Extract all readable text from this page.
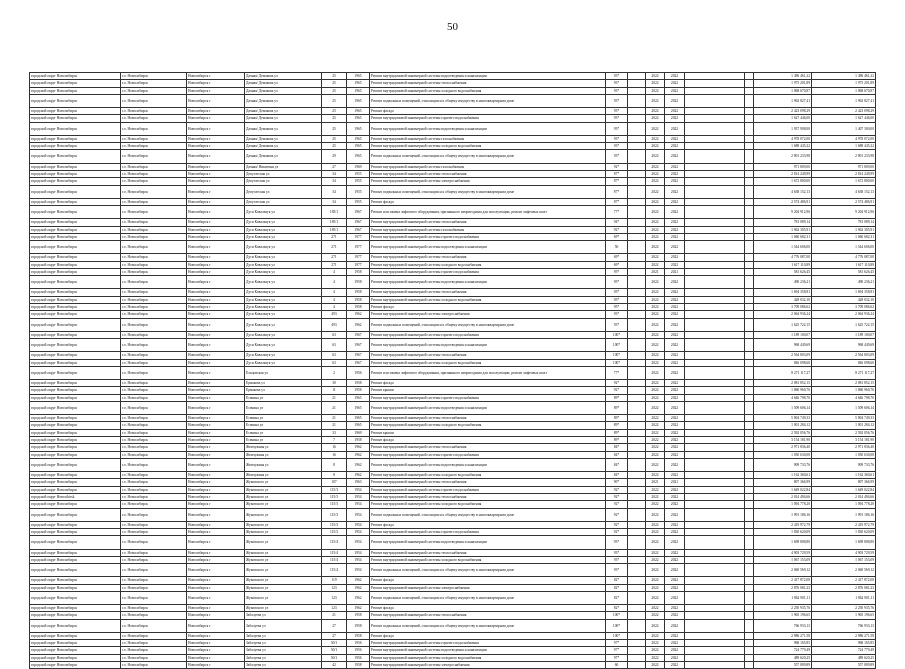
50
городской округ Новосибирск	г.о. Новосибирск	Новосибирск г	Дачная/ Демакова ул	25	1965	Ремонт внутридомовой инженерной системы водоотведения и канализации	93*		2022	2022			1 496 461,22	1 496 461,22
городской округ Новосибирск	г.о. Новосибирск	Новосибирск г	Дачная/ Демакова ул	25	1965	Ремонт внутридомовой инженерной системы теплоснабжения	93*		2022	2022			1 975 201,89	1 975 201,89
городской округ Новосибирск	г.о. Новосибирск	Новосибирск г	Дачная/ Демакова ул	25	1965	Ремонт внутридомовой инженерной системы холодного водоснабжения	93*		2022	2022			1 068 670,87	1 068 670,87
городской округ Новосибирск	г.о. Новосибирск	Новосибирск г	Дачная/ Демакова ул	25	1965	Ремонт подвальных помещений, относящихся к общему имуществу в многоквартирном доме	93*		2022	2022			1 963 827,41	1 963 827,41
городской округ Новосибирск	г.о. Новосибирск	Новосибирск г	Дачная/ Демакова ул	25	1965	Ремонт фасада	93*		2022	2022			2 423 098,29	2 423 098,29
городской округ Новосибирск	г.о. Новосибирск	Новосибирск г	Дачная/ Демакова ул	25	1965	Ремонт внутридомовой инженерной системы горячего водоснабжения	93*		2022	2022			1 627 446,00	1 627 446,00
городской округ Новосибирск	г.о. Новосибирск	Новосибирск г	Дачная/ Демакова ул	25	1965	Ремонт внутридомовой инженерной системы водоотведения и канализации	93*		2022	2022			1 937 908,00	1 407 300,00
городской округ Новосибирск	г.о. Новосибирск	Новосибирск г	Дачная/ Демакова ул	25	1965	Ремонт внутридомовой инженерной системы газоснабжения	93*		2022	2022			4 978 072,00	4 978 072,00
городской округ Новосибирск	г.о. Новосибирск	Новосибирск г	Дачная/ Демакова ул	25	1965	Ремонт внутридомовой инженерной системы холодного водоснабжения	93*		2022	2022			1 688 445,22	1 688 445,22
городской округ Новосибирск	г.о. Новосибирск	Новосибирск г	Дачная/ Демакова ул	29	1965	Ремонт подвальных помещений, относящихся к общему имуществу в многоквартирном доме	93*		2022	2022			2 801 233,98	2 801 233,98
городской округ Новосибирск	г.о. Новосибирск	Новосибирск г	Дачная/ Никитина ул	27	1969	Ремонт внутридомовой инженерной системы газоснабжения	92*		2022	2022			971 809,00	971 809,00
городской округ Новосибирск	г.о. Новосибирск	Новосибирск г	Депутатская ул	34	1955	Ремонт внутридомовой инженерной системы теплоснабжения	87*		2022	2022			2 814 249,99	2 814 249,99
городской округ Новосибирск	г.о. Новосибирск	Новосибирск г	Депутатская ул	34	1955	Ремонт внутридомовой инженерной системы электроснабжения	87*		2022	2022			1 672 800,00	1 672 800,00
городской округ Новосибирск	г.о. Новосибирск	Новосибирск г	Депутатская ул	34	1955	Ремонт подвальных помещений, относящихся к общему имуществу в многоквартирном доме	87*		2022	2022			4 638 152,13	4 638 152,13
городской округ Новосибирск	г.о. Новосибирск	Новосибирск г	Депутатская ул	34	1955	Ремонт фасада	87*		2022	2022			2 574 486,91	2 574 486,91
городской округ Новосибирск	г.о. Новосибирск	Новосибирск г	Дуси Ковальчук ул	185/1	1967	Ремонт или замена лифтового оборудования, признанного непригодным для эксплуатации, ремонт лифтовых шахт	77*		2022	2022			9 204 912,96	9 204 912,96
городской округ Новосибирск	г.о. Новосибирск	Новосибирск г	Дуси Ковальчук ул	185/1	1967	Ремонт внутридомовой инженерной системы теплоснабжения	94*		2022	2022			781 089,14	781 089,14
городской округ Новосибирск	г.о. Новосибирск	Новосибирск г	Дуси Ковальчук ул	185/1	1967	Ремонт внутридомовой инженерной системы газоснабжения	92*		2022	2022			1 062 305,91	1 062 305,91
городской округ Новосибирск	г.о. Новосибирск	Новосибирск г	Дуси Ковальчук ул	271	1977	Ремонт внутридомовой инженерной системы горячего водоснабжения	69*		2022	2022			1 060 682,31	1 060 682,31
городской округ Новосибирск	г.о. Новосибирск	Новосибирск г	Дуси Ковальчук ул	271	1977	Ремонт внутридомовой инженерной системы водоотведения и канализации	50		2022	2022			1 544 606,00	1 544 606,00
городской округ Новосибирск	г.о. Новосибирск	Новосибирск г	Дуси Ковальчук ул	271	1977	Ремонт внутридомовой инженерной системы теплоснабжения	69*		2022	2022			4 776 087,00	4 776 087,00
городской округ Новосибирск	г.о. Новосибирск	Новосибирск г	Дуси Ковальчук ул	271	1977	Ремонт внутридомовой инженерной системы холодного водоснабжения	69*		2022	2022			1 617 110,89	1 617 110,89
городской округ Новосибирск	г.о. Новосибирск	Новосибирск г	Дуси Ковальчук ул	4	1958	Ремонт внутридомовой инженерной системы горячего водоснабжения	95*		2021	2021			581 626,45	581 626,45
городской округ Новосибирск	г.о. Новосибирск	Новосибирск г	Дуси Ковальчук ул	4	1958	Ремонт внутридомовой инженерной системы водоотведения и канализации	95*		2022	2022			490 236,21	490 236,21
городской округ Новосибирск	г.о. Новосибирск	Новосибирск г	Дуси Ковальчук ул	4	1958	Ремонт внутридомовой инженерной системы теплоснабжения	95*		2022	2022			1 694 358,81	1 694 358,81
городской округ Новосибирск	г.о. Новосибирск	Новосибирск г	Дуси Ковальчук ул	4	1958	Ремонт внутридомовой инженерной системы холодного водоснабжения	95*		2022	2022			428 032,10	428 032,10
городской округ Новосибирск	г.о. Новосибирск	Новосибирск г	Дуси Ковальчук ул	4	1958	Ремонт фасада	95*		2022	2022			3 709 086,62	3 709 086,62
городской округ Новосибирск	г.о. Новосибирск	Новосибирск г	Дуси Ковальчук ул	493	1962	Ремонт внутридомовой инженерной системы электроснабжения	93*		2022	2022			2 064 936,24	2 064 936,24
городской округ Новосибирск	г.о. Новосибирск	Новосибирск г	Дуси Ковальчук ул	493	1962	Ремонт подвальных помещений, относящихся к общему имуществу в многоквартирном доме	93*		2022	2022			1 625 722,15	1 625 722,15
городской округ Новосибирск	г.о. Новосибирск	Новосибирск г	Дуси Ковальчук ул	63	1967	Ремонт внутридомовой инженерной системы горячего водоснабжения	100*		2022	2022			1 189 100,07	1 189 100,07
городской округ Новосибирск	г.о. Новосибирск	Новосибирск г	Дуси Ковальчук ул	63	1967	Ремонт внутридомовой инженерной системы водоотведения и канализации	100*		2022	2022			968 449,69	968 449,69
городской округ Новосибирск	г.о. Новосибирск	Новосибирск г	Дуси Ковальчук ул	63	1967	Ремонт внутридомовой инженерной системы теплоснабжения	100*		2022	2022			2 564 803,09	2 564 803,09
городской округ Новосибирск	г.о. Новосибирск	Новосибирск г	Дуси Ковальчук ул	63	1967	Ремонт внутридомовой инженерной системы холодного водоснабжения	100*		2022	2022			846 098,60	846 098,60
городской округ Новосибирск	г.о. Новосибирск	Новосибирск г	Ельцовская ул	2	1956	Ремонт или замена лифтового оборудования, признанного непригодным для эксплуатации, ремонт лифтовых шахт	77*		2022	2022			8 271 117,27	8 271 117,27
городской округ Новосибирск	г.о. Новосибирск	Новосибирск г	Ермакова ул	30	1958	Ремонт фасада	92*		2022	2022			2 081 852,15	2 081 852,15
городской округ Новосибирск	г.о. Новосибирск	Новосибирск г	Ермакова ул	11	1958	Ремонт крыши	92*		2022	2022			1 860 960,76	1 860 960,76
городской округ Новосибирск	г.о. Новосибирск	Новосибирск г	Есенина ул	21	1965	Ремонт внутридомовой инженерной системы горячего водоснабжения	89*		2022	2022			4 646 798,70	4 646 798,70
городской округ Новосибирск	г.о. Новосибирск	Новосибирск г	Есенина ул	21	1965	Ремонт внутридомовой инженерной системы водоотведения и канализации	89*		2022	2022			1 509 606,14	1 509 606,14
городской округ Новосибирск	г.о. Новосибирск	Новосибирск г	Есенина ул	21	1965	Ремонт внутридомовой инженерной системы теплоснабжения	89*		2022	2022			5 804 749,33	5 804 749,33
городской округ Новосибирск	г.о. Новосибирск	Новосибирск г	Есенина ул	21	1965	Ремонт внутридомовой инженерной системы холодного водоснабжения	89*		2022	2022			1 001 284,12	1 001 284,12
городской округ Новосибирск	г.о. Новосибирск	Новосибирск г	Есенина ул	33	1969	Ремонт крыши	89*		2022	2022			2 592 056,76	2 592 056,76
городской округ Новосибирск	г.о. Новосибирск	Новосибирск г	Есенина ул	7	1958	Ремонт фасада	89*		2022	2022			3 154 181,90	3 154 181,90
городской округ Новосибирск	г.о. Новосибирск	Новосибирск г	Жемчужная ул	16	1962	Ремонт внутридомовой инженерной системы теплоснабжения	84*		2022	2022			2 971 836,40	2 971 836,40
городской округ Новосибирск	г.о. Новосибирск	Новосибирск г	Жемчужная ул	16	1962	Ремонт внутридомовой инженерной системы горячего водоснабжения	84*		2022	2022			1 050 630,08	1 050 630,08
городской округ Новосибирск	г.о. Новосибирск	Новосибирск г	Жемчужная ул	8	1962	Ремонт внутридомовой инженерной системы водоотведения и канализации	84*		2022	2022			909 733,76	909 733,76
городской округ Новосибирск	г.о. Новосибирск	Новосибирск г	Жемчужная ул	8	1962	Ремонт внутридомовой инженерной системы холодного водоснабжения	84*		2022	2022			1 162 360,61	1 162 360,61
городской округ Новосибирск	г.о. Новосибирск	Новосибирск г	Жуковского ул	107	1963	Ремонт внутридомовой инженерной системы теплоснабжения	90*		2021	2021			807 366,99	807 366,99
городской округ Новосибирск	г.о. Новосибирск	Новосибирск г	Жуковского ул	115/3	1954	Ремонт внутридомовой инженерной системы горячего водоснабжения	92*		2022	2022			1 649 022,84	1 649 022,84
городской округ Новосibirsk	г.о. Новосибирск	Новосибирск г	Жуковского ул	115/3	1954	Ремонт внутридомовой инженерной системы теплоснабжения	92*		2022	2022			2 014 494,66	2 014 494,66
городской округ Новосибирск	г.о. Новосибирск	Новосибирск г	Жуковского ул	115/3	1954	Ремонт внутридомовой инженерной системы холодного водоснабжения	92*		2022	2022			1 094 778,20	1 094 778,20
городской округ Новосибирск	г.о. Новосибирск	Новосибирск г	Жуковского ул	115/3	1954	Ремонт подвальных помещений, относящихся к общему имуществу в многоквартирном доме	92*		2022	2022			1 991 186,16	1 991 186,16
городской округ Новосибирск	г.о. Новосибирск	Новосибирск г	Жуковского ул	115/3	1954	Ремонт фасада	92*		2022	2022			2 419 972,79	2 419 972,79
городской округ Новосибирск	г.о. Новосибирск	Новосибирск г	Жуковского ул	115/3	1954	Ремонт внутридомовой инженерной системы горячего водоснабжения	92*		2022	2022			1 830 620,09	1 830 620,09
городской округ Новосибирск	г.о. Новосибирск	Новосибирск г	Жуковского ул	115/4	1954	Ремонт внутридомовой инженерной системы водоотведения и канализации	93*		2022	2022			1 698 808,80	1 698 808,80
городской округ Новосибирск	г.о. Новосибирск	Новосибирск г	Жуковского ул	115/4	1954	Ремонт внутридомовой инженерной системы теплоснабжения	93*		2022	2022			4 903 729,59	4 903 729,59
городской округ Новосибирск	г.о. Новосибирск	Новосибирск г	Жуковского ул	115/4	1954	Ремонт внутридомовой инженерной системы холодного водоснабжения	93*		2022	2022			1 067 153,09	1 067 153,09
городской округ Новосибирск	г.о. Новосибирск	Новосибирск г	Жуковского ул	115/4	1954	Ремонт подвальных помещений, относящихся к общему имуществу в многоквартирном доме	93*		2022	2022			2 060 569,12	2 060 569,12
городской округ Новосибирск	г.о. Новосибирск	Новосибирск г	Жуковского ул	119	1962	Ремонт фасада	82*		2022	2022			2 417 872,08	2 417 872,08
городской округ Новосибирск	г.о. Новосибирск	Новосибирск г	Жуковского ул	123	1962	Ремонт внутридомовой инженерной системы электроснабжения	82*		2022	2022			2 876 081,23	2 876 081,23
городской округ Новосибирск	г.о. Новосибирск	Новосибирск г	Жуковского ул	123	1962	Ремонт подвальных помещений, относящихся к общему имуществу в многоквартирном доме	82*		2022	2022			1 862 901,11	1 862 901,11
городской округ Новосибирск	г.о. Новосибирск	Новосибирск г	Жуковского ул	123	1962	Ремонт фасада	82*		2022	2022			2 250 935,76	2 250 935,76
городской округ Новосибирск	г.о. Новосибирск	Новосибирск г	Забалуева ул	21	1958	Ремонт внутридомовой инженерной системы теплоснабжения	100*		2022	2022			1 965 196,65	1 965 196,65
городской округ Новосибирск	г.о. Новосибирск	Новосибирск г	Забалуева ул	27	1958	Ремонт подвальных помещений, относящихся к общему имуществу в многоквартирном доме	100*		2022	2022			766 933,13	766 933,13
городской округ Новосибирск	г.о. Новосибирск	Новосибирск г	Забалуева ул	27	1958	Ремонт фасада	100*		2022	2022			2 986 271,58	2 986 271,58
городской округ Новосибирск	г.о. Новосибирск	Новосибирск г	Забалуева ул	30/1	1956	Ремонт внутридомовой инженерной системы горячего водоснабжения	97*		2022	2022			968 165,85	968 165,85
городской округ Новосибирск	г.о. Новосибирск	Новосибирск г	Забалуева ул	30/1	1956	Ремонт внутридомовой инженерной системы водоотведения и канализации	97*		2022	2022			724 779,49	724 779,49
городской округ Новосибирск	г.о. Новосибирск	Новосибирск г	Забалуева ул	30/1	1956	Ремонт внутридомовой инженерной системы холодного водоснабжения	97*		2022	2022			489 620,25	489 620,25
городской округ Новосибирск	г.о. Новосибирск	Новосибирск г	Забалуева ул	42	1958	Ремонт внутридомовой инженерной системы электроснабжения	60		2022	2022			557 809,89	557 809,89
